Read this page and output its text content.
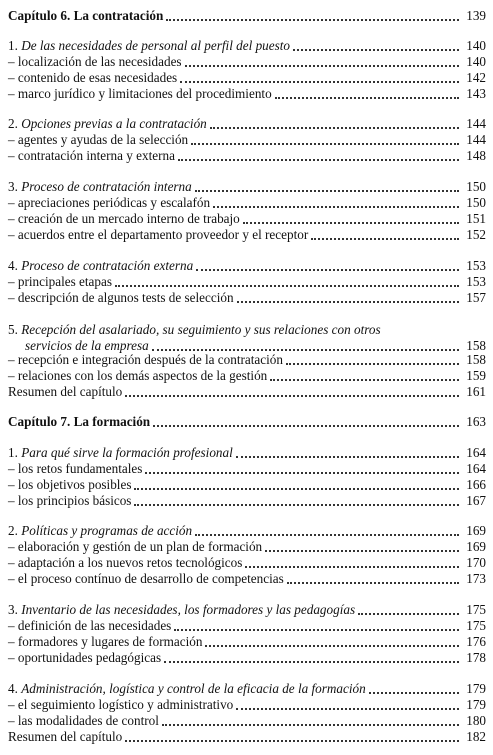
Capítulo 6. La contratación	139
1. De las necesidades de personal al perfil del puesto	140
– localización de las necesidades	140
– contenido de esas necesidades	142
– marco jurídico y limitaciones del procedimiento	143
2. Opciones previas a la contratación	144
– agentes y ayudas de la selección	144
– contratación interna y externa	148
3. Proceso de contratación interna	150
– apreciaciones periódicas y escalafón	150
– creación de un mercado interno de trabajo	151
– acuerdos entre el departamento proveedor y el receptor	152
4. Proceso de contratación externa	153
– principales etapas	153
– descripción de algunos tests de selección	157
5. Recepción del asalariado, su seguimiento y sus relaciones con otros
servicios de la empresa	158
– recepción e integración después de la contratación	158
– relaciones con los demás aspectos de la gestión	159
Resumen del capítulo	161
Capítulo 7. La formación	163
1. Para qué sirve la formación profesional	164
– los retos fundamentales	164
– los objetivos posibles	166
– los principios básicos	167
2. Políticas y programas de acción	169
– elaboración y gestión de un plan de formación	169
– adaptación a los nuevos retos tecnológicos	170
– el proceso contínuo de desarrollo de competencias	173
3. Inventario de las necesidades, los formadores y las pedagogías	175
– definición de las necesidades	175
– formadores y lugares de formación	176
– oportunidades pedagógicas	178
4. Administración, logística y control de la eficacia de la formación	179
– el seguimiento logístico y administrativo	179
– las modalidades de control	180
Resumen del capítulo	182
